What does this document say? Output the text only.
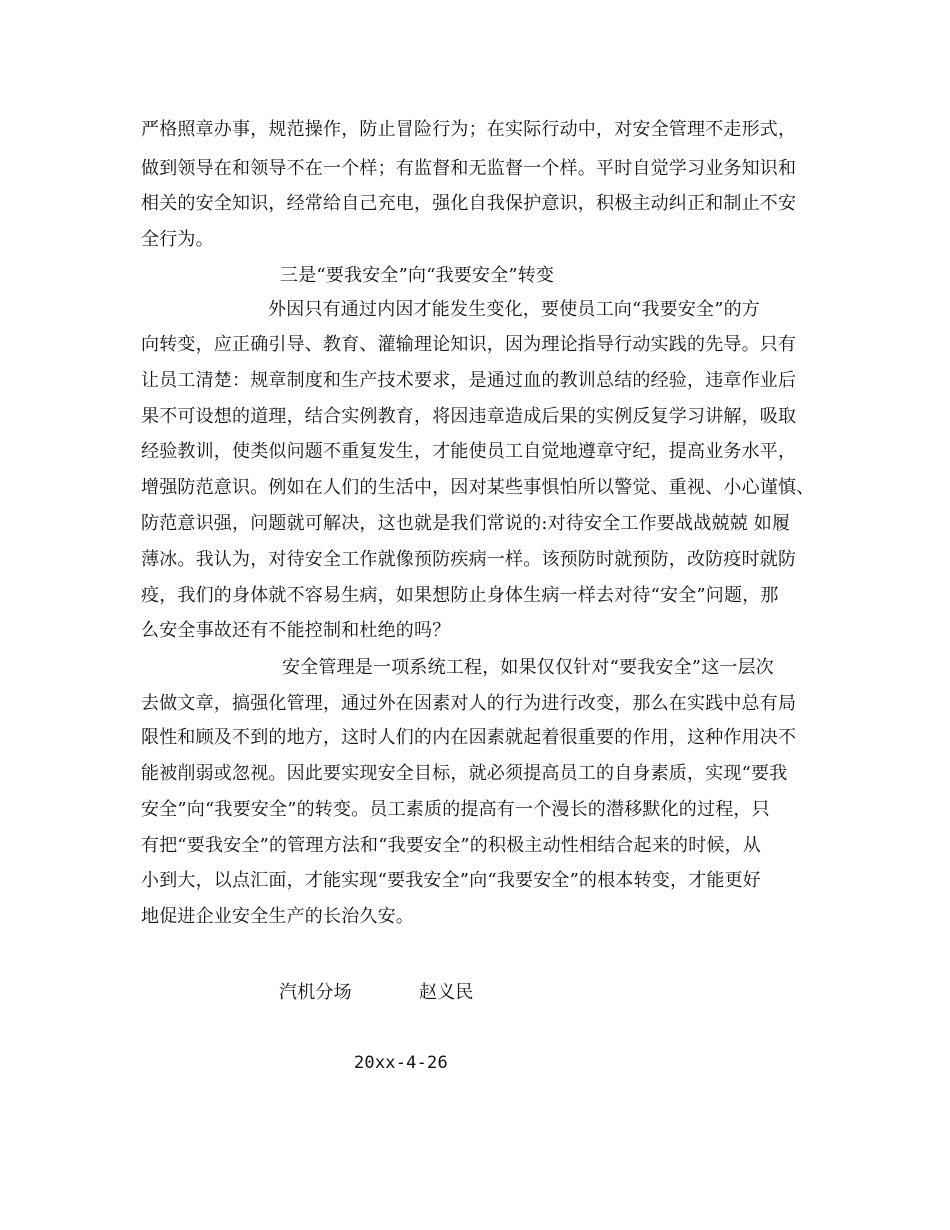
严格照章办事，规范操作，防止冒险行为；在实际行动中，对安全管理不走形式，
做到领导在和领导不在一个样；有监督和无监督一个样。平时自觉学习业务知识和
相关的安全知识，经常给自己充电，强化自我保护意识，积极主动纠正和制止不安
全行为。
三是“要我安全”向“我要安全”转变
外因只有通过内因才能发生变化，要使员工向“我要安全”的方
向转变，应正确引导、教育、灌输理论知识，因为理论指导行动实践的先导。只有
让员工清楚：规章制度和生产技术要求，是通过血的教训总结的经验，违章作业后
果不可设想的道理，结合实例教育，将因违章造成后果的实例反复学习讲解，吸取
经验教训，使类似问题不重复发生，才能使员工自觉地遵章守纪，提高业务水平，
增强防范意识。例如在人们的生活中，因对某些事惧怕所以警觉、重视、小心谨慎、
防范意识强，问题就可解决，这也就是我们常说的:对待安全工作要战战兢兢 如履
薄冰。我认为，对待安全工作就像预防疾病一样。该预防时就预防，改防疫时就防
疫，我们的身体就不容易生病，如果想防止身体生病一样去对待“安全”问题，那
么安全事故还有不能控制和杜绝的吗？
安全管理是一项系统工程，如果仅仅针对“要我安全”这一层次
去做文章，搞强化管理，通过外在因素对人的行为进行改变，那么在实践中总有局
限性和顾及不到的地方，这时人们的内在因素就起着很重要的作用，这种作用决不
能被削弱或忽视。因此要实现安全目标，就必须提高员工的自身素质，实现“要我
安全”向“我要安全”的转变。员工素质的提高有一个漫长的潜移默化的过程，只
有把“要我安全”的管理方法和“我要安全”的积极主动性相结合起来的时候，从
小到大，以点汇面，才能实现“要我安全”向“我要安全”的根本转变，才能更好
地促进企业安全生产的长治久安。
汽机分场	赵义民
20xx-4-26
